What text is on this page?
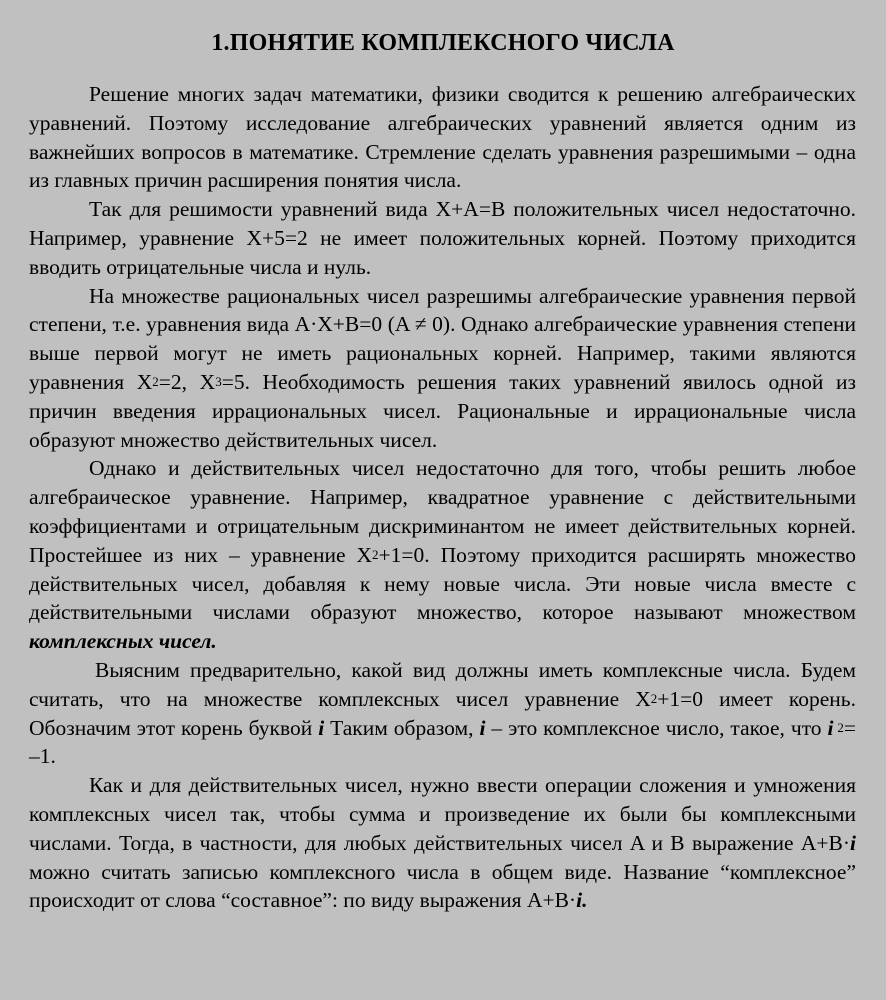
1.ПОНЯТИЕ КОМПЛЕКСНОГО ЧИСЛА

Решение многих задач математики, физики сводится к решению алгебраических уравнений. Поэтому исследование алгебраических уравнений является одним из важнейших вопросов в математике. Стремление сделать уравнения разрешимыми – одна из главных причин расширения понятия числа.

Так для решимости уравнений вида X+A=B положительных чисел недостаточно. Например, уравнение X+5=2 не имеет положительных корней. Поэтому приходится вводить отрицательные числа и нуль.

На множестве рациональных чисел разрешимы алгебраические уравнения первой степени, т.е. уравнения вида A·X+B=0 (A ≠ 0). Однако алгебраические уравнения степени выше первой могут не иметь рациональных корней. Например, такими являются уравнения $X^2=2$, $X^3=5$. Необходимость решения таких уравнений явилось одной из причин введения иррациональных чисел. Рациональные и иррациональные числа образуют множество действительных чисел.

Однако и действительных чисел недостаточно для того, чтобы решить любое алгебраическое уравнение. Например, квадратное уравнение с действительными коэффициентами и отрицательным дискриминантом не имеет действительных корней. Простейшее из них – уравнение $X^2+1=0$. Поэтому приходится расширять множество действительных чисел, добавляя к нему новые числа. Эти новые числа вместе с действительными числами образуют множество, которое называют множеством комплексных чисел.

Выясним предварительно, какой вид должны иметь комплексные числа. Будем считать, что на множестве комплексных чисел уравнение $X^2+1=0$ имеет корень. Обозначим этот корень буквой i Таким образом, i – это комплексное число, такое, что i $^2$= –1.

Как и для действительных чисел, нужно ввести операции сложения и умножения комплексных чисел так, чтобы сумма и произведение их были бы комплексными числами. Тогда, в частности, для любых действительных чисел A и B выражение A+B·i можно считать записью комплексного числа в общем виде. Название “комплексное” происходит от слова “составное”: по виду выражения A+B·i.
